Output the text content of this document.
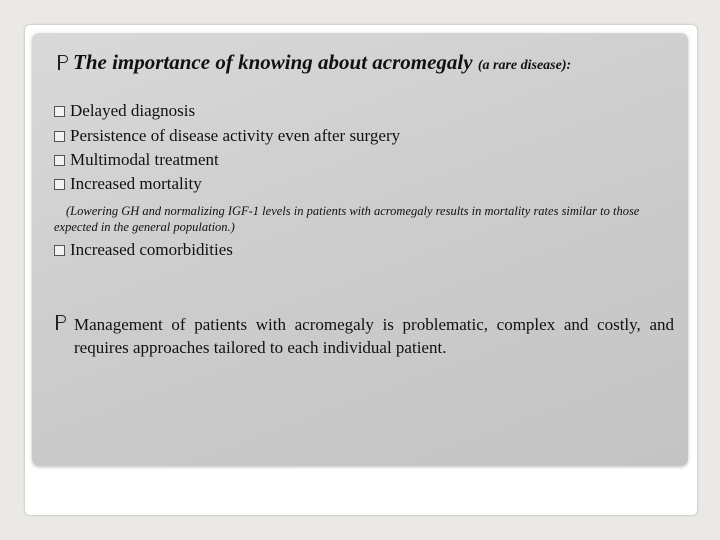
The importance of knowing about acromegaly (a rare disease):
Delayed diagnosis
Persistence of disease activity even after surgery
Multimodal treatment
Increased mortality
(Lowering GH and normalizing IGF-1 levels in patients with acromegaly results in mortality rates similar to those expected in the general population.)
Increased comorbidities
Management of patients with acromegaly is problematic, complex and costly, and requires approaches tailored to each individual patient.
